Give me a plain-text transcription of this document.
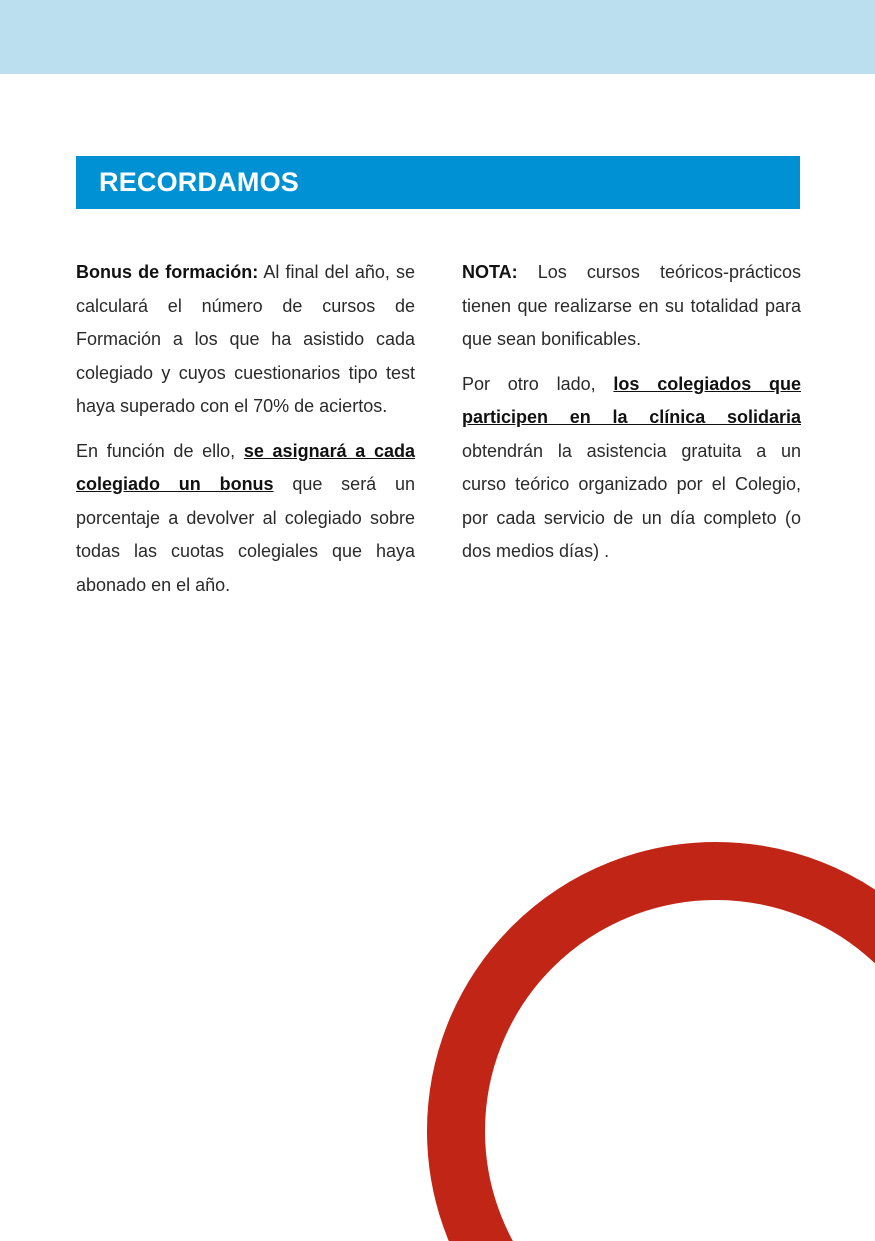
RECORDAMOS

Bonus de formación: Al final del año, se calculará el número de cursos de Formación a los que ha asistido cada colegiado y cuyos cuestionarios tipo test haya superado con el 70% de aciertos.

En función de ello, se asignará a cada colegiado un bonus que será un porcentaje a devolver al colegiado sobre todas las cuotas colegiales que haya abonado en el año.

NOTA: Los cursos teóricos-prácticos tienen que realizarse en su totalidad para que sean bonificables.

Por otro lado, los colegiados que participen en la clínica solidaria obtendrán la asistencia gratuita a un curso teórico organizado por el Colegio, por cada servicio de un día completo (o dos medios días) .
